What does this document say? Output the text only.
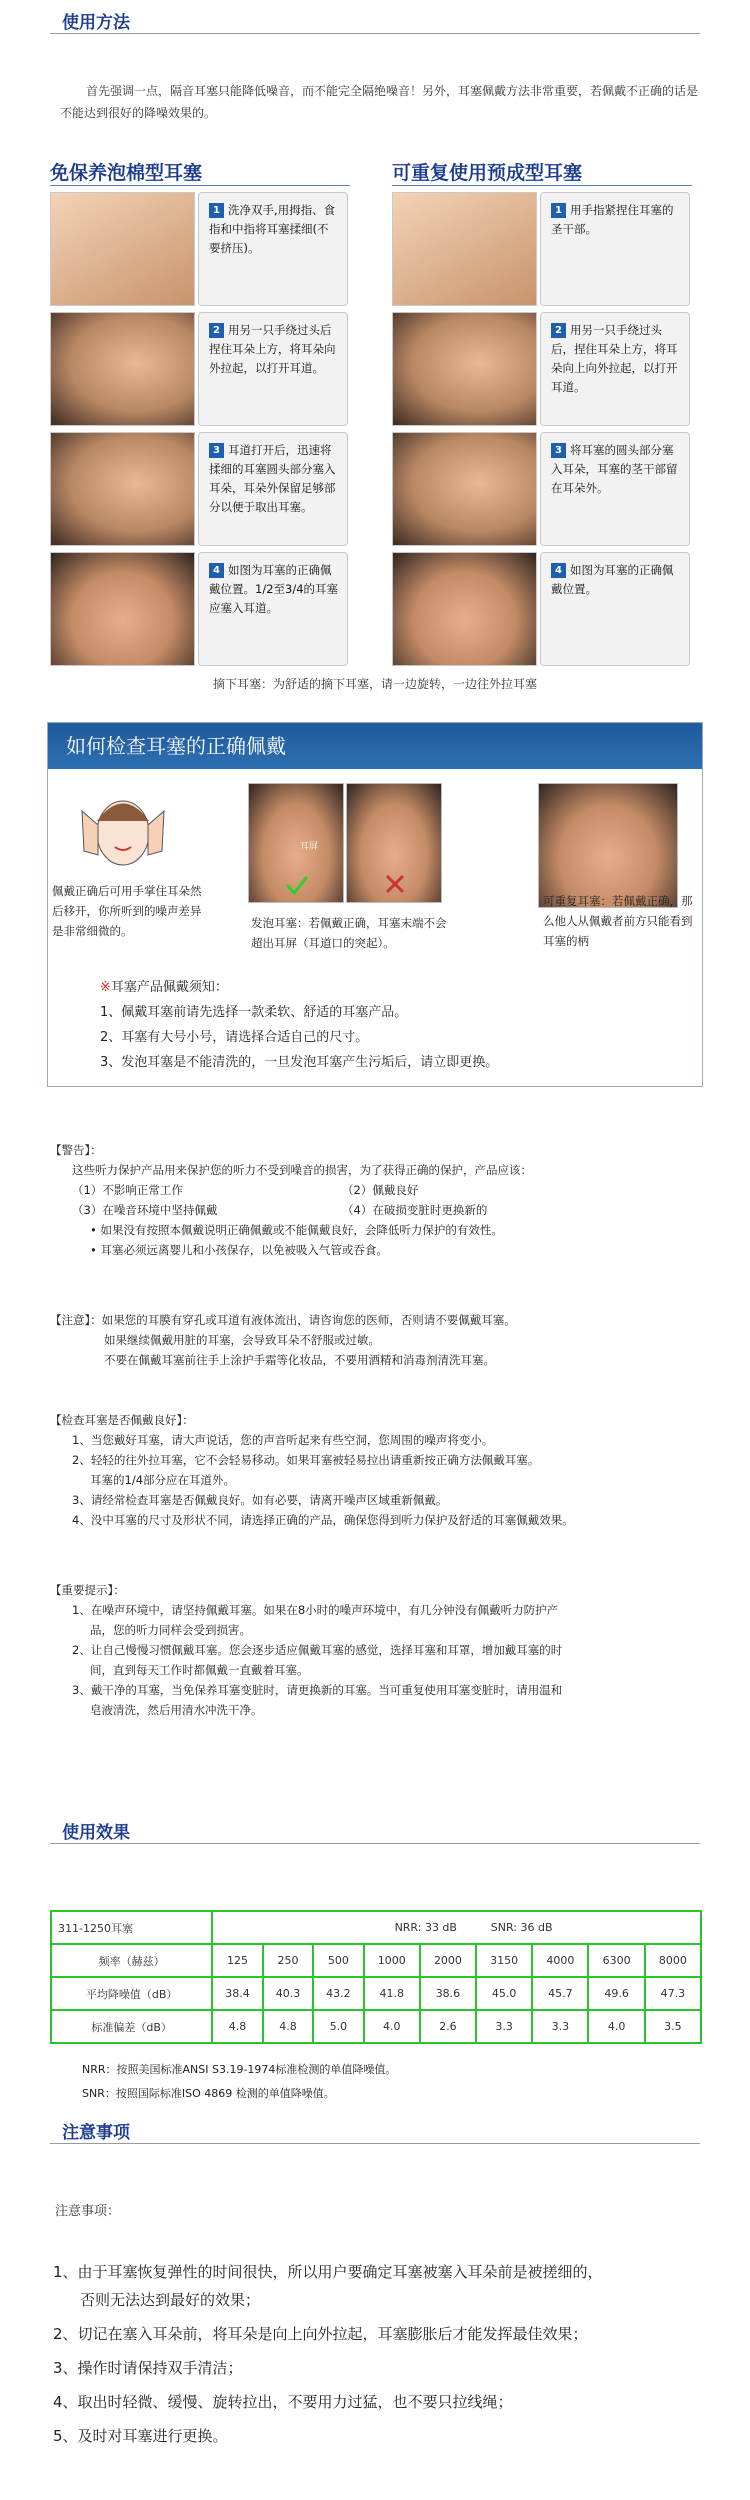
使用方法
首先强调一点，隔音耳塞只能降低噪音，而不能完全隔绝噪音！另外，耳塞佩戴方法非常重要，若佩戴不正确的话是不能达到很好的降噪效果的。
免保养泡棉型耳塞	可重复使用预成型耳塞
1 洗净双手,用拇指、食指和中指将耳塞揉细(不要挤压)。
2 用另一只手绕过头后捏住耳朵上方，将耳朵向外拉起，以打开耳道。
3 耳道打开后，迅速将揉细的耳塞圆头部分塞入耳朵，耳朵外保留足够部分以便于取出耳塞。
4 如图为耳塞的正确佩戴位置。1/2至3/4的耳塞应塞入耳道。
1 用手指紧捏住耳塞的圣干部。
2 用另一只手绕过头后，捏住耳朵上方，将耳朵向上向外拉起，以打开耳道。
3 将耳塞的圆头部分塞入耳朵，耳塞的茎干部留在耳朵外。
4 如图为耳塞的正确佩戴位置。
摘下耳塞：为舒适的摘下耳塞，请一边旋转，一边往外拉耳塞
如何检查耳塞的正确佩戴
佩戴正确后可用手掌住耳朵然后移开，你所听到的噪声差异是非常细微的。
耳屏
发泡耳塞：若佩戴正确，耳塞末端不会超出耳屏（耳道口的突起）。
可重复耳塞：若佩戴正确，那么他人从佩戴者前方只能看到耳塞的柄
※耳塞产品佩戴须知：
1、佩戴耳塞前请先选择一款柔软、舒适的耳塞产品。
2、耳塞有大号小号，请选择合适自己的尺寸。
3、发泡耳塞是不能清洗的，一旦发泡耳塞产生污垢后，请立即更换。
【警告】：
这些听力保护产品用来保护您的听力不受到噪音的损害，为了获得正确的保护，产品应该：
（1）不影响正常工作	（2）佩戴良好
（3）在噪音环境中坚持佩戴	（4）在破损变脏时更换新的
• 如果没有按照本佩戴说明正确佩戴或不能佩戴良好，会降低听力保护的有效性。
• 耳塞必须远离婴儿和小孩保存，以免被吸入气管或吞食。
【注意】：如果您的耳膜有穿孔或耳道有液体流出，请咨询您的医师，否则请不要佩戴耳塞。
如果继续佩戴用脏的耳塞，会导致耳朵不舒服或过敏。
不要在佩戴耳塞前往手上涂护手霜等化妆品，不要用酒精和消毒剂清洗耳塞。
【检查耳塞是否佩戴良好】：
1、当您戴好耳塞，请大声说话，您的声音听起来有些空洞，您周围的噪声将变小。
2、轻轻的往外拉耳塞，它不会轻易移动。如果耳塞被轻易拉出请重新按正确方法佩戴耳塞。
耳塞的1/4部分应在耳道外。
3、请经常检查耳塞是否佩戴良好。如有必要，请离开噪声区域重新佩戴。
4、没中耳塞的尺寸及形状不同，请选择正确的产品，确保您得到听力保护及舒适的耳塞佩戴效果。
【重要提示】：
1、在噪声环境中，请坚持佩戴耳塞。如果在8小时的噪声环境中，有几分钟没有佩戴听力防护产
品，您的听力同样会受到损害。
2、让自己慢慢习惯佩戴耳塞。您会逐步适应佩戴耳塞的感觉，选择耳塞和耳罩，增加戴耳塞的时
间，直到每天工作时都佩戴一直戴着耳塞。
3、戴干净的耳塞，当免保养耳塞变脏时，请更换新的耳塞。当可重复使用耳塞变脏时，请用温和
皂液清洗，然后用清水冲洗干净。
使用效果
311-1250耳塞	NRR: 33 dB SNR: 36 dB								
频率（赫兹）	125	250	500	1000	2000	3150	4000	6300	8000
平均降噪值（dB）	38.4	40.3	43.2	41.8	38.6	45.0	45.7	49.6	47.3
标准偏差（dB）	4.8	4.8	5.0	4.0	2.6	3.3	3.3	4.0	3.5
NRR：按照美国标准ANSI S3.19-1974标准检测的单值降噪值。
SNR：按照国际标准ISO 4869 检测的单值降噪值。
注意事项
注意事项：
1、由于耳塞恢复弹性的时间很快，所以用户要确定耳塞被塞入耳朵前是被搓细的，
否则无法达到最好的效果；
2、切记在塞入耳朵前，将耳朵是向上向外拉起，耳塞膨胀后才能发挥最佳效果；
3、操作时请保持双手清洁；
4、取出时轻微、缓慢、旋转拉出，不要用力过猛，也不要只拉线绳；
5、及时对耳塞进行更换。
